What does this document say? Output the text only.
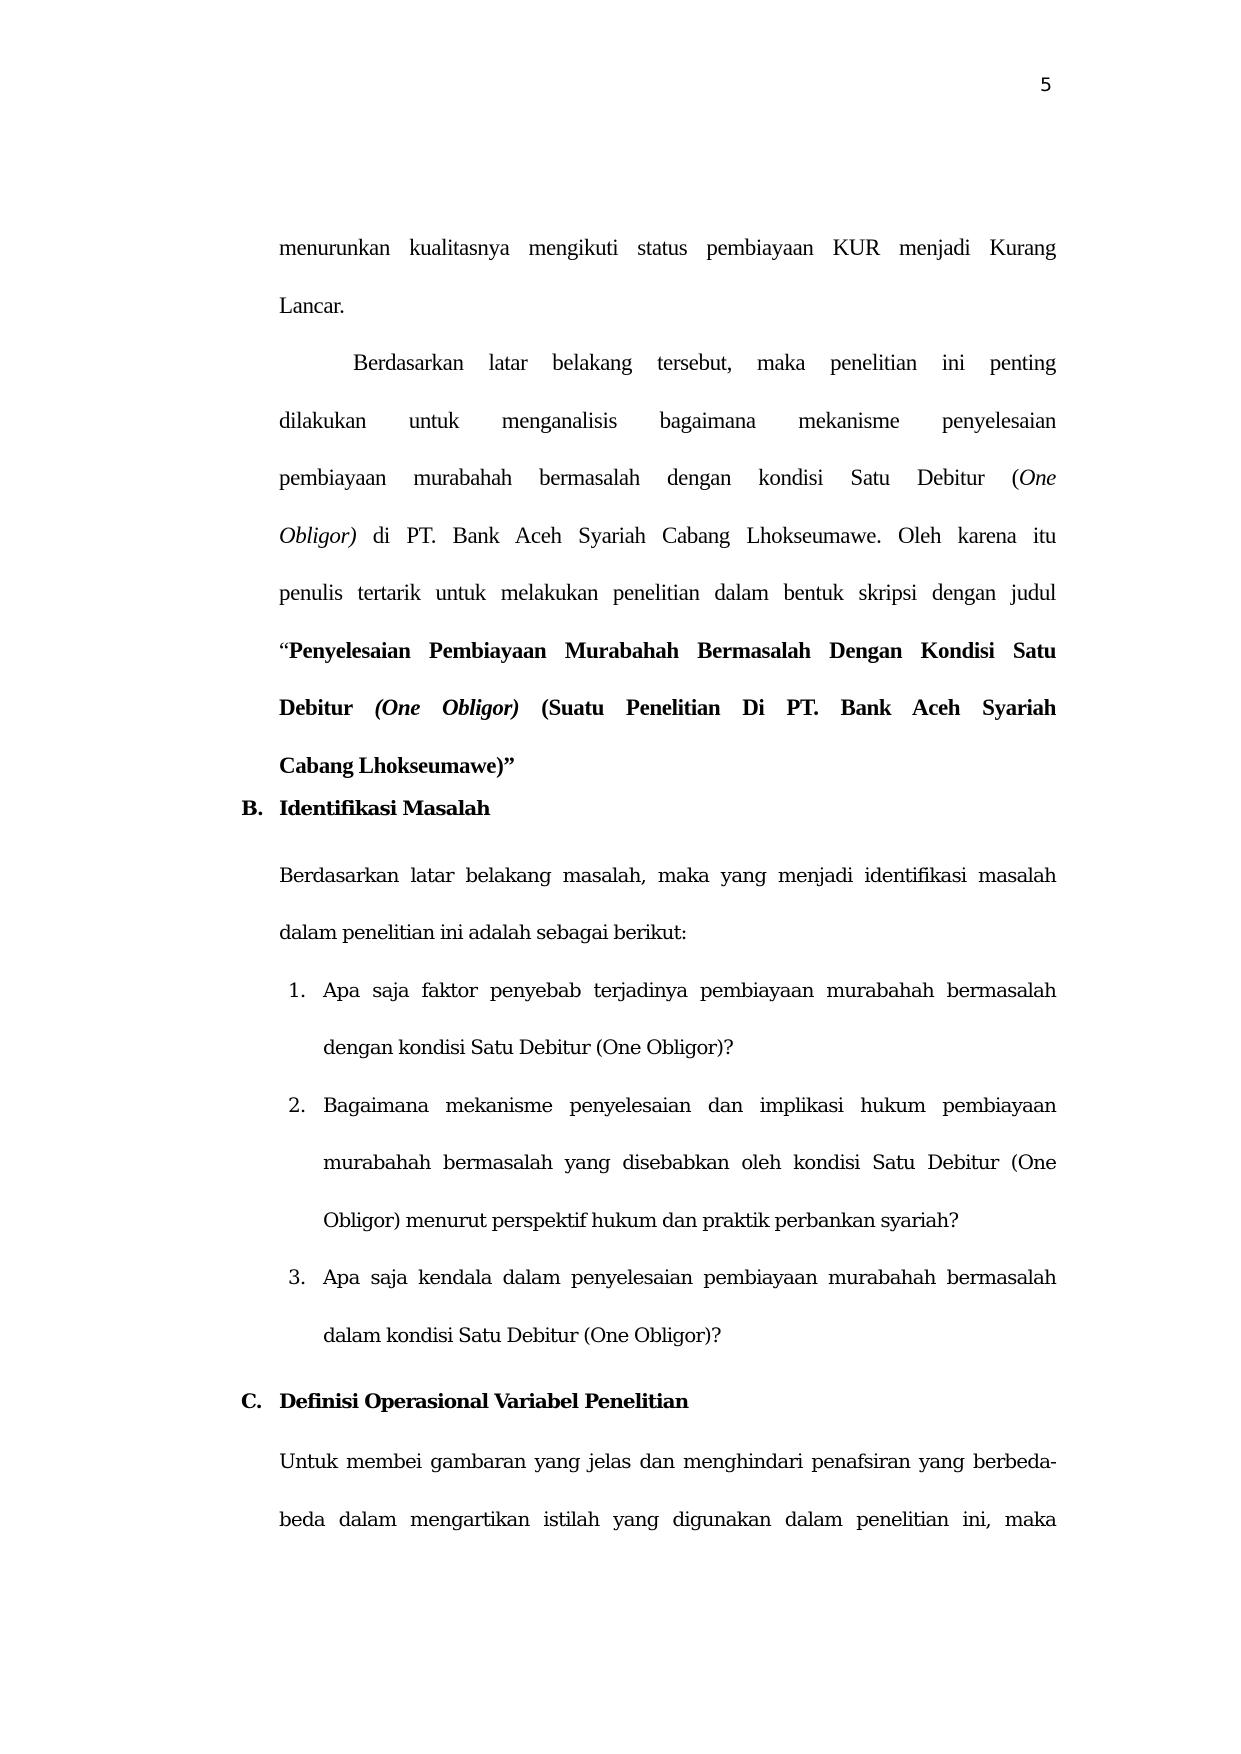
5
menurunkan kualitasnya mengikuti status pembiayaan KUR menjadi Kurang
Lancar.
Berdasarkan latar belakang tersebut, maka penelitian ini penting
dilakukan untuk menganalisis bagaimana mekanisme penyelesaian
pembiayaan murabahah bermasalah dengan kondisi Satu Debitur (One
Obligor) di PT. Bank Aceh Syariah Cabang Lhokseumawe. Oleh karena itu
penulis tertarik untuk melakukan penelitian dalam bentuk skripsi dengan judul
“Penyelesaian Pembiayaan Murabahah Bermasalah Dengan Kondisi Satu
Debitur (One Obligor) (Suatu Penelitian Di PT. Bank Aceh Syariah
Cabang Lhokseumawe)”
B. Identifikasi Masalah
Berdasarkan latar belakang masalah, maka yang menjadi identifikasi masalah
dalam penelitian ini adalah sebagai berikut:
1. Apa saja faktor penyebab terjadinya pembiayaan murabahah bermasalah
dengan kondisi Satu Debitur (One Obligor)?
2. Bagaimana mekanisme penyelesaian dan implikasi hukum pembiayaan
murabahah bermasalah yang disebabkan oleh kondisi Satu Debitur (One
Obligor) menurut perspektif hukum dan praktik perbankan syariah?
3. Apa saja kendala dalam penyelesaian pembiayaan murabahah bermasalah
dalam kondisi Satu Debitur (One Obligor)?
C. Definisi Operasional Variabel Penelitian
Untuk membei gambaran yang jelas dan menghindari penafsiran yang berbeda-
beda dalam mengartikan istilah yang digunakan dalam penelitian ini, maka
